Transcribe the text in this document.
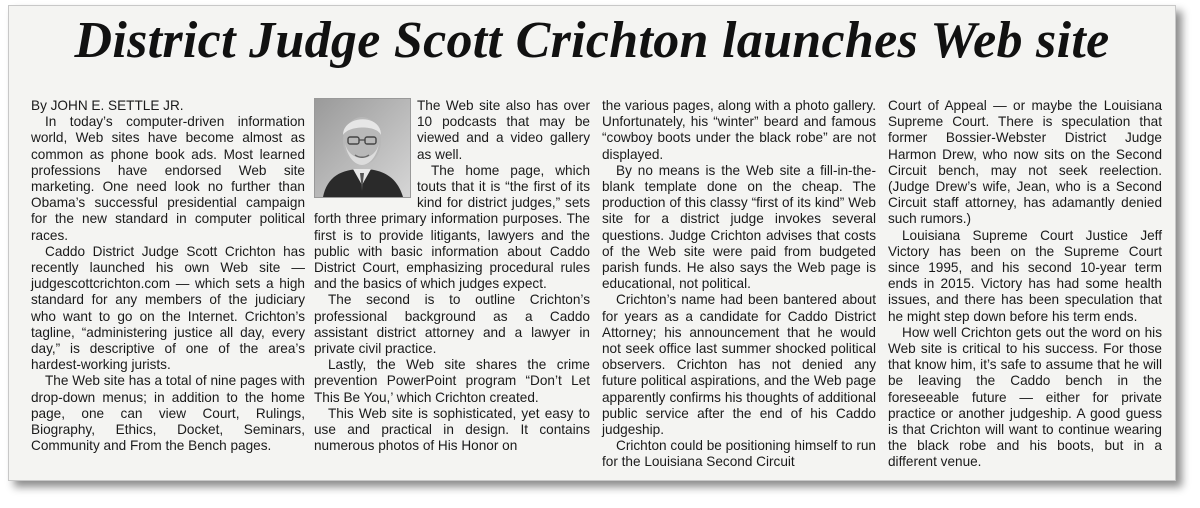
District Judge Scott Crichton launches Web site

By JOHN E. SETTLE JR.

In today’s computer-driven information world, Web sites have become almost as common as phone book ads. Most learned professions have endorsed Web site marketing. One need look no further than Obama’s successful presidential campaign for the new standard in computer political races.

Caddo District Judge Scott Crichton has recently launched his own Web site — judgescottcrichton.com — which sets a high standard for any members of the judiciary who want to go on the Internet. Crichton’s tagline, “administering justice all day, every day,” is descriptive of one of the area’s hardest-working jurists.

The Web site has a total of nine pages with drop-down menus; in addition to the home page, one can view Court, Rulings, Biography, Ethics, Docket, Seminars, Community and From the Bench pages.

The Web site also has over 10 podcasts that may be viewed and a video gallery as well.

The home page, which touts that it is “the first of its kind for district judges,” sets forth three primary information purposes. The first is to provide litigants, lawyers and the public with basic information about Caddo District Court, emphasizing procedural rules and the basics of which judges expect.

The second is to outline Crichton’s professional background as a Caddo assistant district attorney and a lawyer in private civil practice.

Lastly, the Web site shares the crime prevention PowerPoint program “Don’t Let This Be You,’ which Crichton created.

This Web site is sophisticated, yet easy to use and practical in design. It contains numerous photos of His Honor on

the various pages, along with a photo gallery. Unfortunately, his “winter” beard and famous “cowboy boots under the black robe” are not displayed.

By no means is the Web site a fill-in-the-blank template done on the cheap. The production of this classy “first of its kind” Web site for a district judge invokes several questions. Judge Crichton advises that costs of the Web site were paid from budgeted parish funds. He also says the Web page is educational, not political.

Crichton’s name had been bantered about for years as a candidate for Caddo District Attorney; his announcement that he would not seek office last summer shocked political observers. Crichton has not denied any future political aspirations, and the Web page apparently confirms his thoughts of additional public service after the end of his Caddo judgeship.

Crichton could be positioning himself to run for the Louisiana Second Circuit

Court of Appeal — or maybe the Louisiana Supreme Court. There is speculation that former Bossier-Webster District Judge Harmon Drew, who now sits on the Second Circuit bench, may not seek reelection. (Judge Drew’s wife, Jean, who is a Second Circuit staff attorney, has adamantly denied such rumors.)

Louisiana Supreme Court Justice Jeff Victory has been on the Supreme Court since 1995, and his second 10-year term ends in 2015. Victory has had some health issues, and there has been speculation that he might step down before his term ends.

How well Crichton gets out the word on his Web site is critical to his success. For those that know him, it’s safe to assume that he will be leaving the Caddo bench in the foreseeable future — either for private practice or another judgeship. A good guess is that Crichton will want to continue wearing the black robe and his boots, but in a different venue.
